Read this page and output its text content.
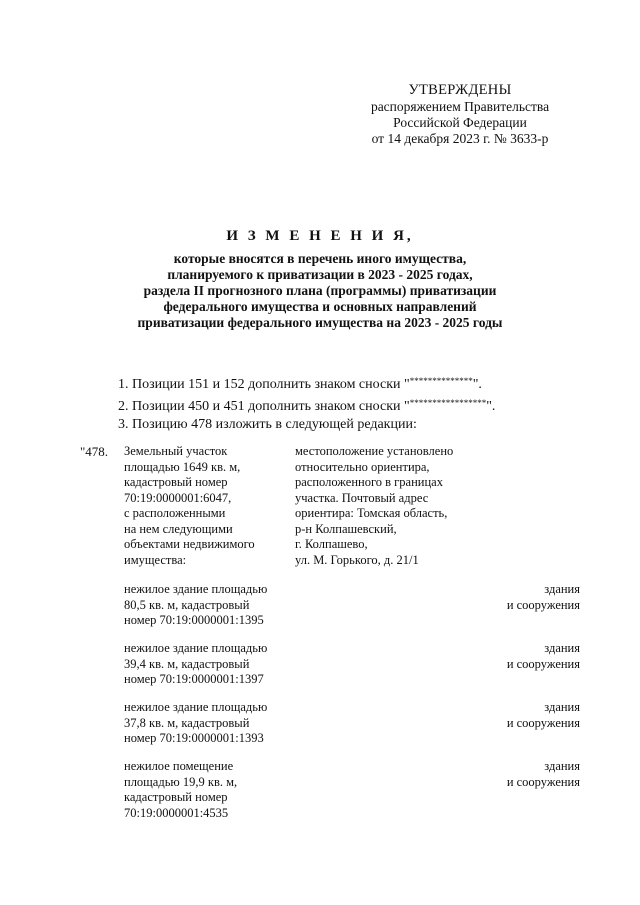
УТВЕРЖДЕНЫ
распоряжением Правительства
Российской Федерации
от 14 декабря 2023 г. № 3633-р
И З М Е Н Е Н И Я,
которые вносятся в перечень иного имущества,
планируемого к приватизации в 2023 - 2025 годах,
раздела II прогнозного плана (программы) приватизации
федерального имущества и основных направлений
приватизации федерального имущества на 2023 - 2025 годы
1. Позиции 151 и 152 дополнить знаком сноски "**************".
2. Позиции 450 и 451 дополнить знаком сноски "*****************".
3. Позицию 478 изложить в следующей редакции:
"478. Земельный участок
площадью 1649 кв. м,
кадастровый номер
70:19:0000001:6047,
с расположенными
на нем следующими
объектами недвижимого
имущества:
местоположение установлено
относительно ориентира,
расположенного в границах
участка. Почтовый адрес
ориентира: Томская область,
р-н Колпашевский,
г. Колпашево,
ул. М. Горького, д. 21/1
нежилое здание площадью
80,5 кв. м, кадастровый
номер 70:19:0000001:1395
здания
и сооружения
нежилое здание площадью
39,4 кв. м, кадастровый
номер 70:19:0000001:1397
здания
и сооружения
нежилое здание площадью
37,8 кв. м, кадастровый
номер 70:19:0000001:1393
здания
и сооружения
нежилое помещение
площадью 19,9 кв. м,
кадастровый номер
70:19:0000001:4535
здания
и сооружения
